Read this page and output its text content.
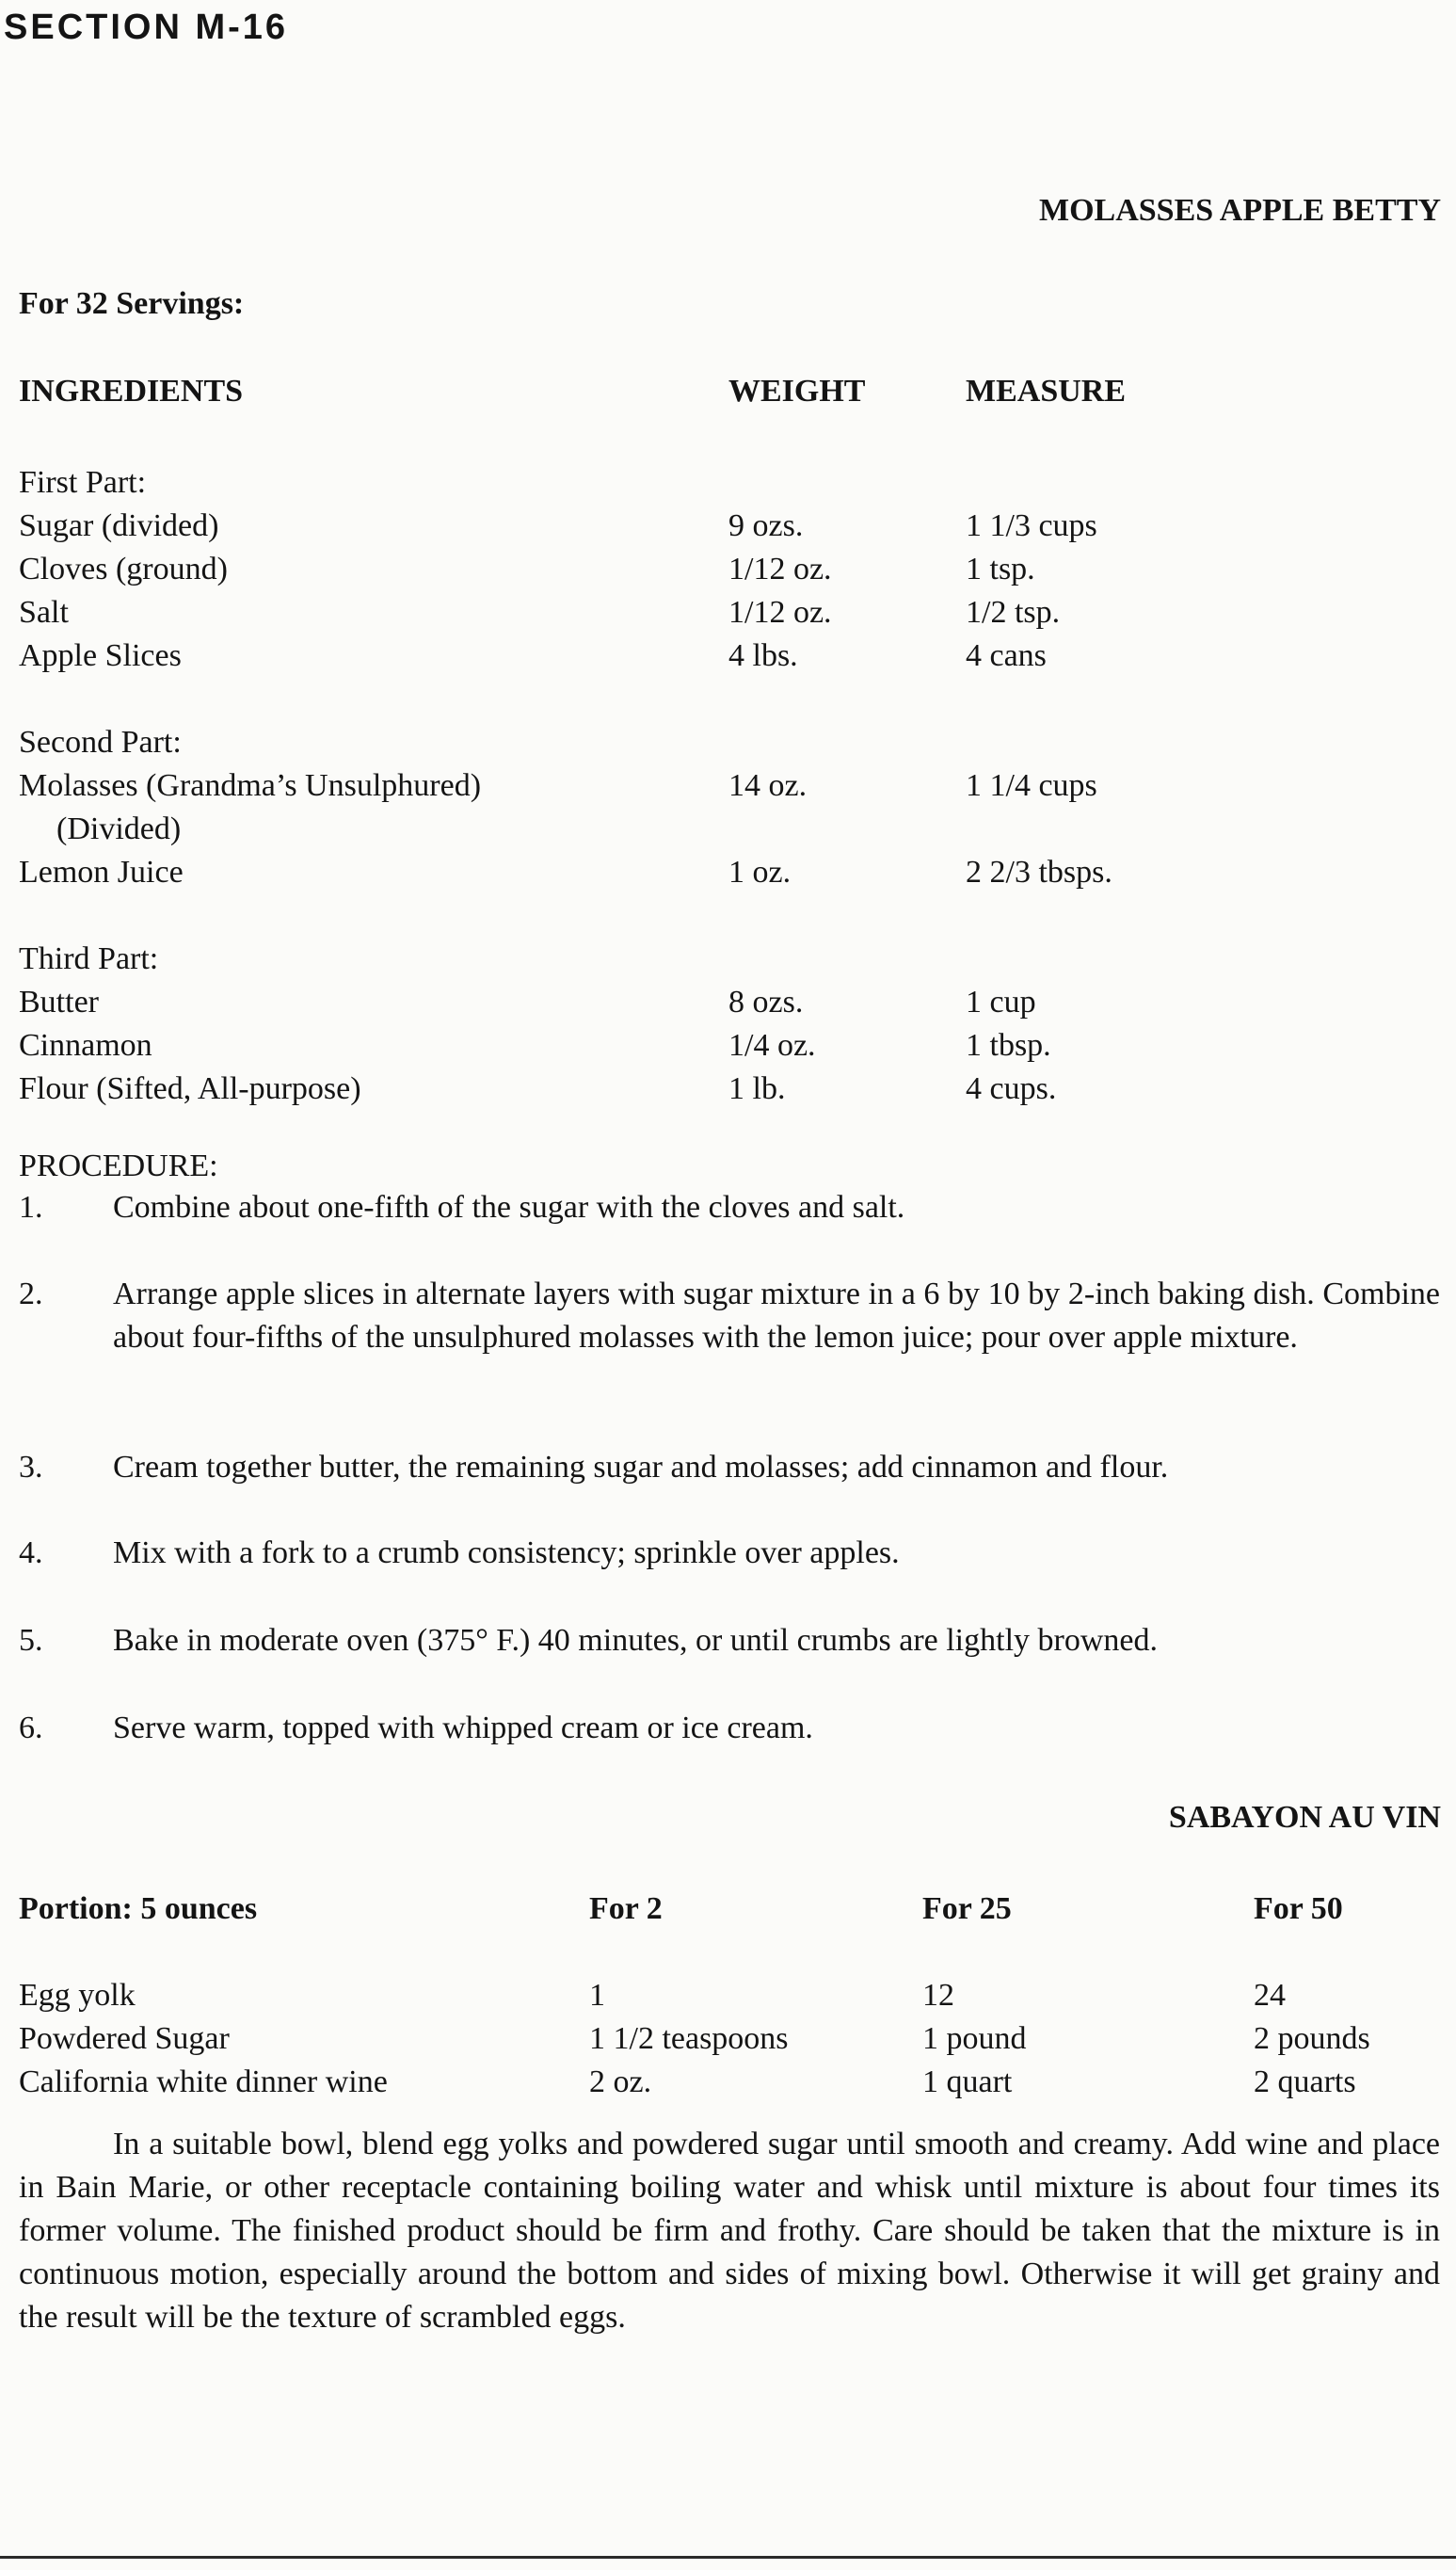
SECTION M-16
MOLASSES APPLE BETTY
For 32 Servings:
INGREDIENTS	WEIGHT	MEASURE
First Part:
Sugar (divided)	9 ozs.	1 1/3 cups
Cloves (ground)	1/12 oz.	1 tsp.
Salt	1/12 oz.	1/2 tsp.
Apple Slices	4 lbs.	4 cans
Second Part:
Molasses (Grandma’s Unsulphured)	14 oz.	1 1/4 cups
(Divided)
Lemon Juice	1 oz.	2 2/3 tbsps.
Third Part:
Butter	8 ozs.	1 cup
Cinnamon	1/4 oz.	1 tbsp.
Flour (Sifted, All-purpose)	1 lb.	4 cups.
PROCEDURE:
1. Combine about one-fifth of the sugar with the cloves and salt.
2. Arrange apple slices in alternate layers with sugar mixture in a 6 by 10 by 2-inch baking dish. Combine about four-fifths of the unsulphured molasses with the lemon juice; pour over apple mixture.
3. Cream together butter, the remaining sugar and molasses; add cinnamon and flour.
4. Mix with a fork to a crumb consistency; sprinkle over apples.
5. Bake in moderate oven (375° F.) 40 minutes, or until crumbs are lightly browned.
6. Serve warm, topped with whipped cream or ice cream.
SABAYON AU VIN
Portion: 5 ounces	For 2	For 25	For 50
Egg yolk	1	12	24
Powdered Sugar	1 1/2 teaspoons	1 pound	2 pounds
California white dinner wine	2 oz.	1 quart	2 quarts
In a suitable bowl, blend egg yolks and powdered sugar until smooth and creamy. Add wine and place in Bain Marie, or other receptacle containing boiling water and whisk until mixture is about four times its former volume. The finished product should be firm and frothy. Care should be taken that the mixture is in continuous motion, especially around the bottom and sides of mixing bowl. Otherwise it will get grainy and the result will be the texture of scrambled eggs.
